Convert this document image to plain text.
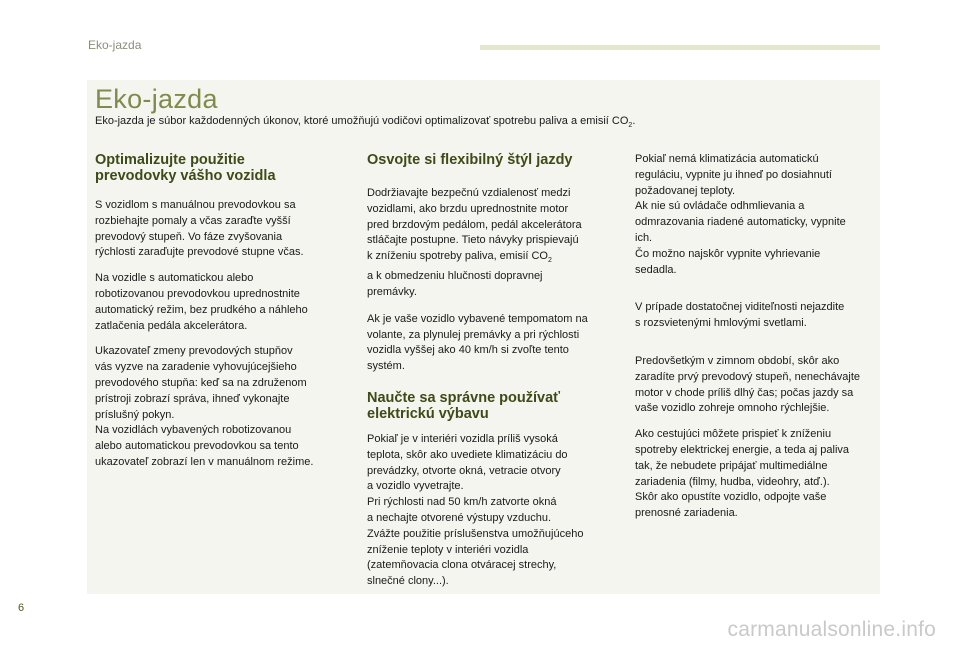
Eko-jazda
Eko-jazda

Eko-jazda je súbor každodenných úkonov, ktoré umožňujú vodičovi optimalizovať spotrebu paliva a emisií $CO_2$.

Optimalizujte použitie
prevodovky vášho vozidla

S vozidlom s manuálnou prevodovkou sa
rozbiehajte pomaly a včas zaraďte vyšší
prevodový stupeň. Vo fáze zvyšovania
rýchlosti zaraďujte prevodové stupne včas.

Na vozidle s automatickou alebo
robotizovanou prevodovkou uprednostnite
automatický režim, bez prudkého a náhleho
zatlačenia pedála akcelerátora.

Ukazovateľ zmeny prevodových stupňov
vás vyzve na zaradenie vyhovujúcejšieho
prevodového stupňa: keď sa na združenom
prístroji zobrazí správa, ihneď vykonajte
príslušný pokyn.
Na vozidlách vybavených robotizovanou
alebo automatickou prevodovkou sa tento
ukazovateľ zobrazí len v manuálnom režime.

Osvojte si flexibilný štýl jazdy

Dodržiavajte bezpečnú vzdialenosť medzi
vozidlami, ako brzdu uprednostnite motor
pred brzdovým pedálom, pedál akcelerátora
stláčajte postupne. Tieto návyky prispievajú
k zníženiu spotreby paliva, emisií $CO_2$
a k obmedzeniu hlučnosti dopravnej
premávky.

Ak je vaše vozidlo vybavené tempomatom na
volante, za plynulej premávky a pri rýchlosti
vozidla vyššej ako 40 km/h si zvoľte tento
systém.

Naučte sa správne používať
elektrickú výbavu

Pokiaľ je v interiéri vozidla príliš vysoká
teplota, skôr ako uvediete klimatizáciu do
prevádzky, otvorte okná, vetracie otvory
a vozidlo vyvetrajte.
Pri rýchlosti nad 50 km/h zatvorte okná
a nechajte otvorené výstupy vzduchu.
Zvážte použitie príslušenstva umožňujúceho
zníženie teploty v interiéri vozidla
(zatemňovacia clona otváracej strechy,
slnečné clony...).

Pokiaľ nemá klimatizácia automatickú
reguláciu, vypnite ju ihneď po dosiahnutí
požadovanej teploty.
Ak nie sú ovládače odhmlievania a
odmrazovania riadené automaticky, vypnite
ich.
Čo možno najskôr vypnite vyhrievanie
sedadla.

V prípade dostatočnej viditeľnosti nejazdite
s rozsvietenými hmlovými svetlami.

Predovšetkým v zimnom období, skôr ako
zaradíte prvý prevodový stupeň, nenechávajte
motor v chode príliš dlhý čas; počas jazdy sa
vaše vozidlo zohreje omnoho rýchlejšie.

Ako cestujúci môžete prispieť k zníženiu
spotreby elektrickej energie, a teda aj paliva
tak, že nebudete pripájať multimediálne
zariadenia (filmy, hudba, videohry, atď.).
Skôr ako opustíte vozidlo, odpojte vaše
prenosné zariadenia.

6
carmanualsonline.info
